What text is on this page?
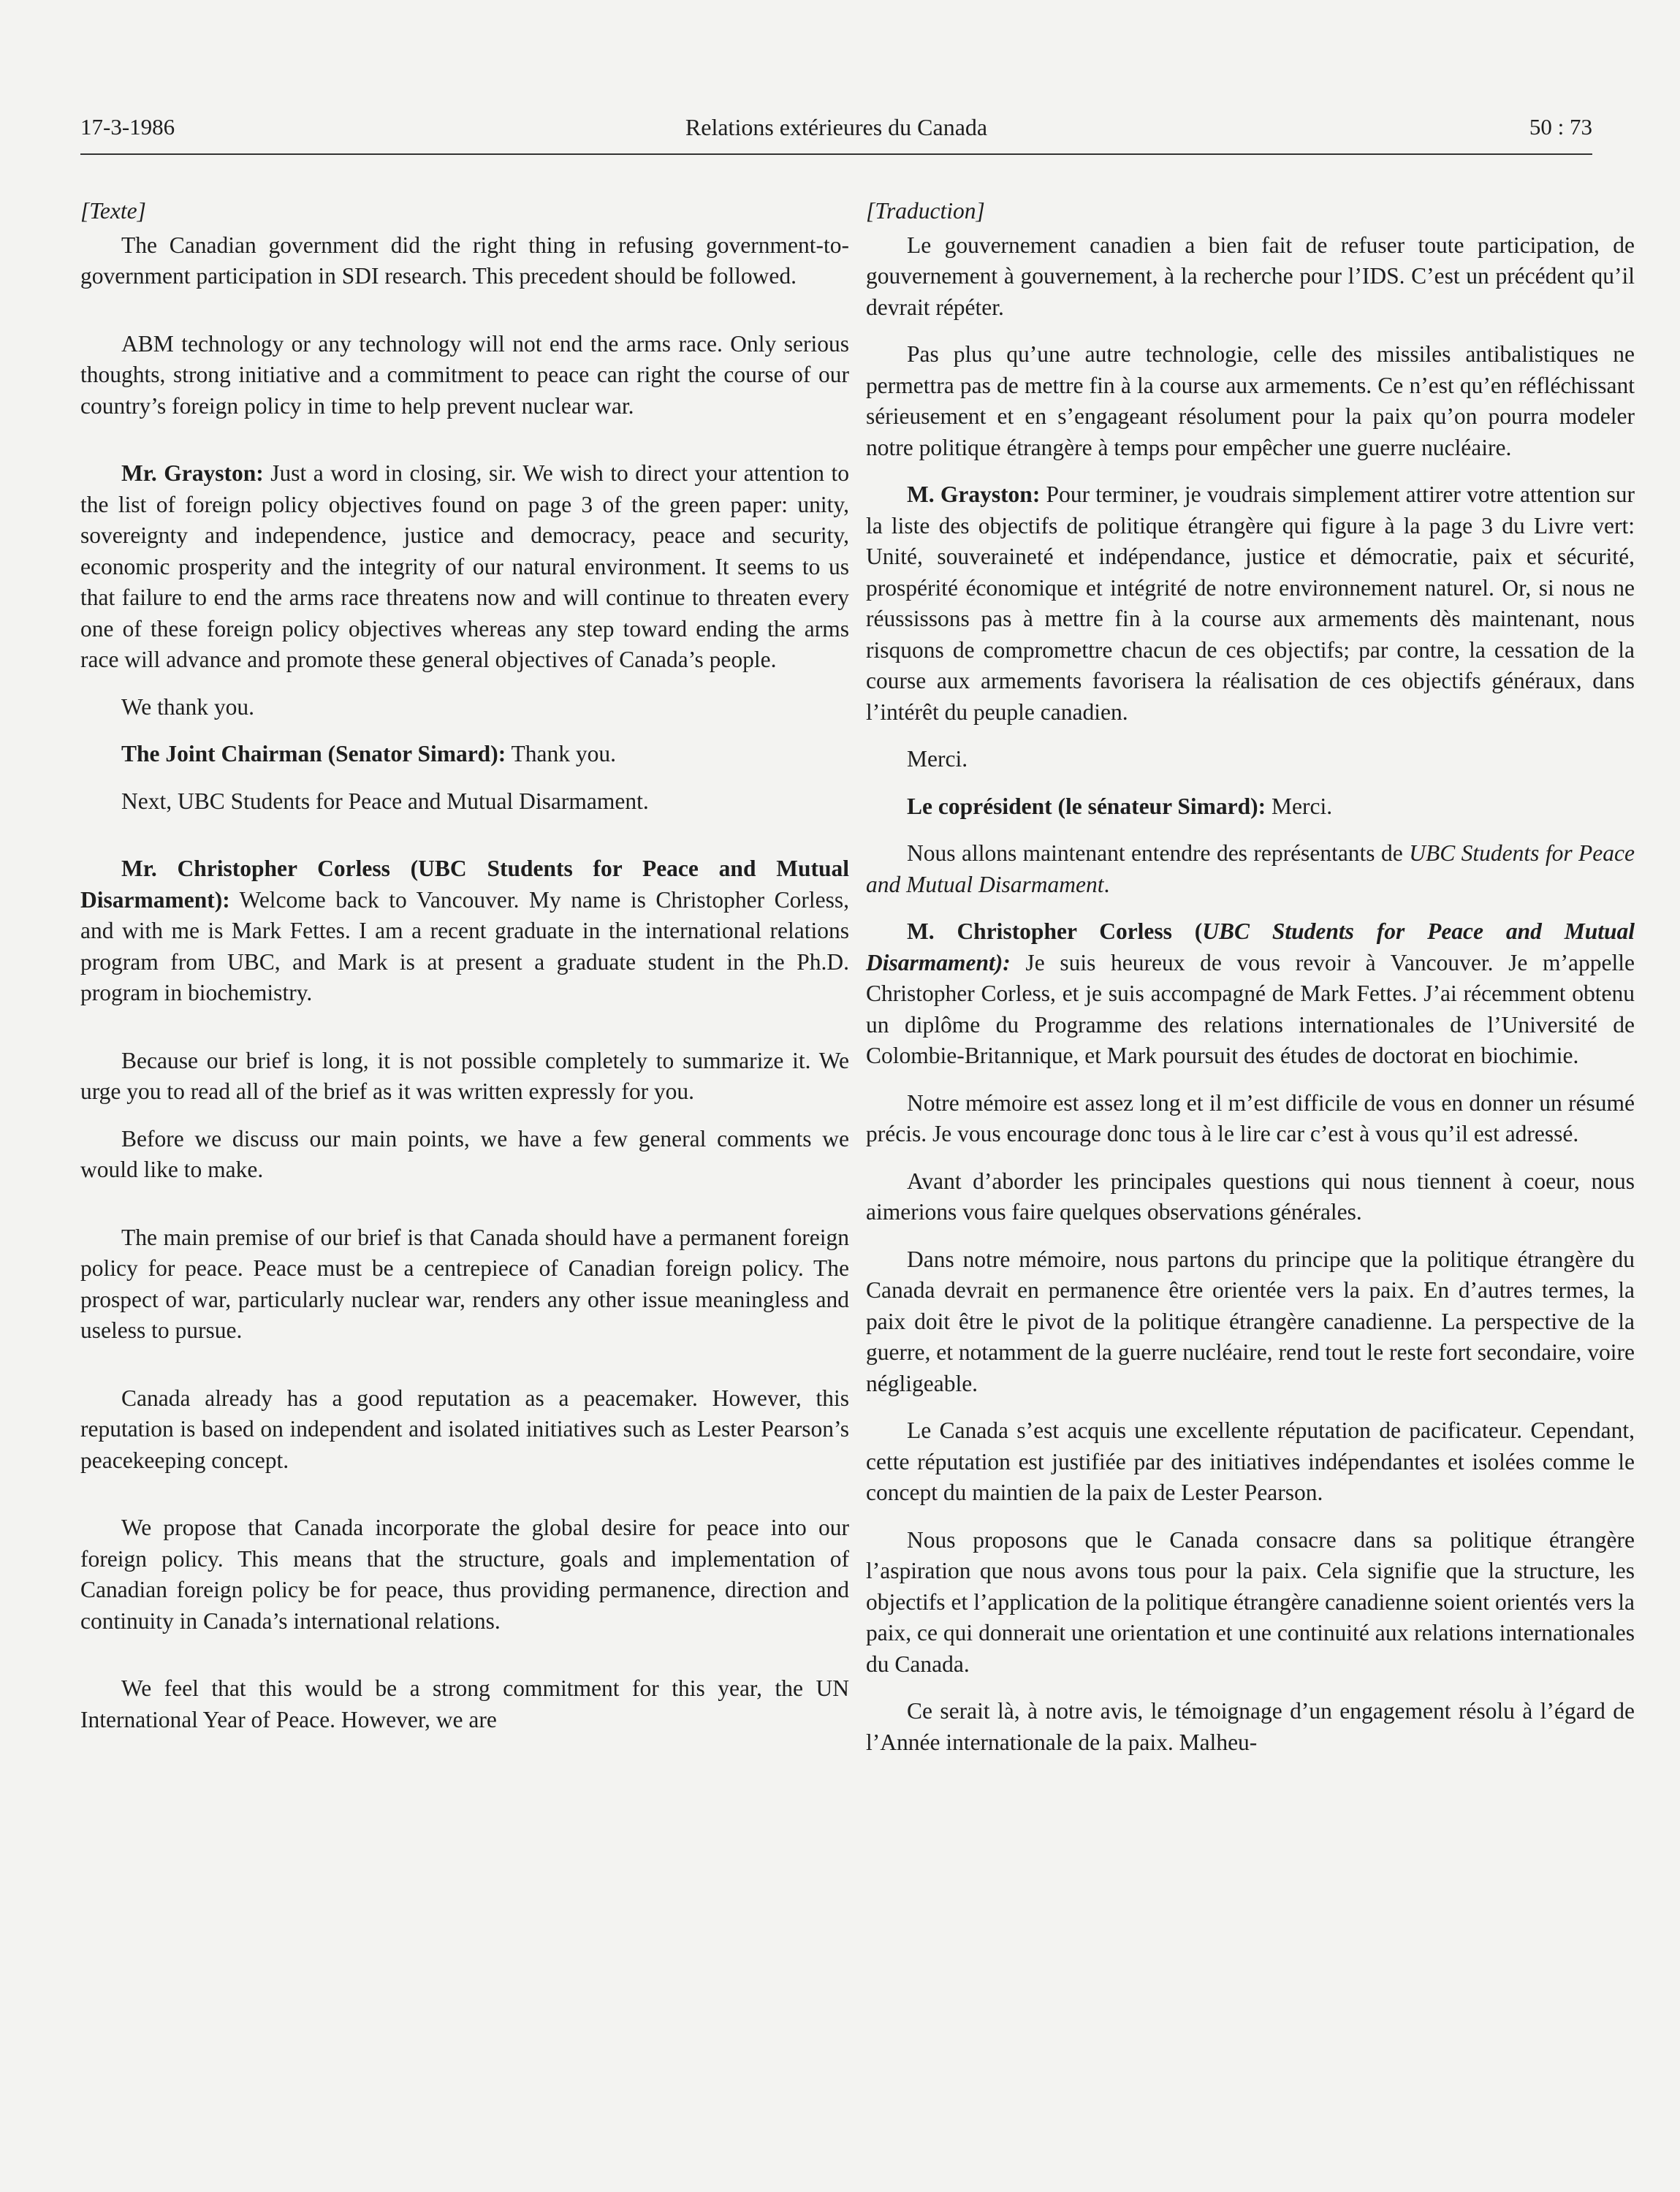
17-3-1986	Relations extérieures du Canada	50 : 73

[Texte]

The Canadian government did the right thing in refusing government-to-government participation in SDI research. This precedent should be followed.

ABM technology or any technology will not end the arms race. Only serious thoughts, strong initiative and a commitment to peace can right the course of our country’s foreign policy in time to help prevent nuclear war.

Mr. Grayston: Just a word in closing, sir. We wish to direct your attention to the list of foreign policy objectives found on page 3 of the green paper: unity, sovereignty and independence, justice and democracy, peace and security, economic prosperity and the integrity of our natural environment. It seems to us that failure to end the arms race threatens now and will continue to threaten every one of these foreign policy objectives whereas any step toward ending the arms race will advance and promote these general objectives of Canada’s people.

We thank you.

The Joint Chairman (Senator Simard): Thank you.

Next, UBC Students for Peace and Mutual Disarmament.

Mr. Christopher Corless (UBC Students for Peace and Mutual Disarmament): Welcome back to Vancouver. My name is Christopher Corless, and with me is Mark Fettes. I am a recent graduate in the international relations program from UBC, and Mark is at present a graduate student in the Ph.D. program in biochemistry.

Because our brief is long, it is not possible completely to summarize it. We urge you to read all of the brief as it was written expressly for you.

Before we discuss our main points, we have a few general comments we would like to make.

The main premise of our brief is that Canada should have a permanent foreign policy for peace. Peace must be a centrepiece of Canadian foreign policy. The prospect of war, particularly nuclear war, renders any other issue meaningless and useless to pursue.

Canada already has a good reputation as a peacemaker. However, this reputation is based on independent and isolated initiatives such as Lester Pearson’s peacekeeping concept.

We propose that Canada incorporate the global desire for peace into our foreign policy. This means that the structure, goals and implementation of Canadian foreign policy be for peace, thus providing permanence, direction and continuity in Canada’s international relations.

We feel that this would be a strong commitment for this year, the UN International Year of Peace. However, we are

[Traduction]

Le gouvernement canadien a bien fait de refuser toute participation, de gouvernement à gouvernement, à la recherche pour l’IDS. C’est un précédent qu’il devrait répéter.

Pas plus qu’une autre technologie, celle des missiles antibalistiques ne permettra pas de mettre fin à la course aux armements. Ce n’est qu’en réfléchissant sérieusement et en s’engageant résolument pour la paix qu’on pourra modeler notre politique étrangère à temps pour empêcher une guerre nucléaire.

M. Grayston: Pour terminer, je voudrais simplement attirer votre attention sur la liste des objectifs de politique étrangère qui figure à la page 3 du Livre vert: Unité, souveraineté et indépendance, justice et démocratie, paix et sécurité, prospérité économique et intégrité de notre environnement naturel. Or, si nous ne réussissons pas à mettre fin à la course aux armements dès maintenant, nous risquons de compromettre chacun de ces objectifs; par contre, la cessation de la course aux armements favorisera la réalisation de ces objectifs généraux, dans l’intérêt du peuple canadien.

Merci.

Le coprésident (le sénateur Simard): Merci.

Nous allons maintenant entendre des représentants de UBC Students for Peace and Mutual Disarmament.

M. Christopher Corless (UBC Students for Peace and Mutual Disarmament): Je suis heureux de vous revoir à Vancouver. Je m’appelle Christopher Corless, et je suis accompagné de Mark Fettes. J’ai récemment obtenu un diplôme du Programme des relations internationales de l’Université de Colombie-Britannique, et Mark poursuit des études de doctorat en biochimie.

Notre mémoire est assez long et il m’est difficile de vous en donner un résumé précis. Je vous encourage donc tous à le lire car c’est à vous qu’il est adressé.

Avant d’aborder les principales questions qui nous tiennent à coeur, nous aimerions vous faire quelques observations générales.

Dans notre mémoire, nous partons du principe que la politique étrangère du Canada devrait en permanence être orientée vers la paix. En d’autres termes, la paix doit être le pivot de la politique étrangère canadienne. La perspective de la guerre, et notamment de la guerre nucléaire, rend tout le reste fort secondaire, voire négligeable.

Le Canada s’est acquis une excellente réputation de pacificateur. Cependant, cette réputation est justifiée par des initiatives indépendantes et isolées comme le concept du maintien de la paix de Lester Pearson.

Nous proposons que le Canada consacre dans sa politique étrangère l’aspiration que nous avons tous pour la paix. Cela signifie que la structure, les objectifs et l’application de la politique étrangère canadienne soient orientés vers la paix, ce qui donnerait une orientation et une continuité aux relations internationales du Canada.

Ce serait là, à notre avis, le témoignage d’un engagement résolu à l’égard de l’Année internationale de la paix. Malheu-
